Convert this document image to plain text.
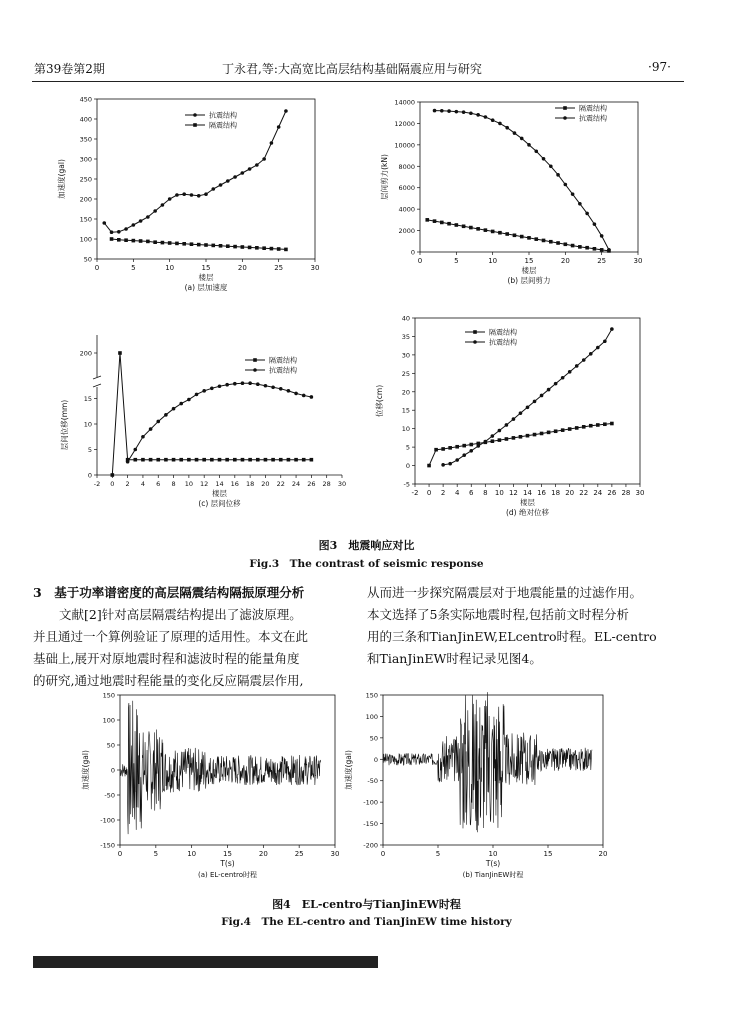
第39卷第2期	丁永君,等:大高宽比高层结构基础隔震应用与研究	·97·
0	5	10	15	20	25	30
50
100
150
200
250
300
350
400
450
楼层
(a) 层加速度
加速度(gal)
抗震结构
隔震结构
0	5	10	15	20	25	30
0
2000
4000
6000
8000
10000
12000
14000
楼层
(b) 层间剪力
层间剪力(kN)
隔震结构
抗震结构
-2 0 2 4 6 8 10 12 14 16 18 20 22 24 26 28 30
0
5
10
15
200
楼层
(c) 层间位移
层间位移(mm)
隔震结构
抗震结构
-2 0 2 4 6 8 10 12 14 16 18 20 22 24 26 28 30
-5
0
5
10
15
20
25
30
35
40
楼层
(d) 绝对位移
位移(cm)
隔震结构
抗震结构
图3　地震响应对比
Fig.3　The contrast of seismic response
3　基于功率谱密度的高层隔震结构隔振原理分析
文献[2]针对高层隔震结构提出了滤波原理。
并且通过一个算例验证了原理的适用性。本文在此
基础上,展开对原地震时程和滤波时程的能量角度
的研究,通过地震时程能量的变化反应隔震层作用,
从而进一步探究隔震层对于地震能量的过滤作用。
本文选择了5条实际地震时程,包括前文时程分析
用的三条和TianJinEW,ELcentro时程。EL-centro
和TianJinEW时程记录见图4。
0	5	10	15	20	25	30
-150
-100
-50
0
50
100
150
T(s)
(a) EL-centro时程
加速度(gal)
0	5	10	15	20
-200
-150
-100
-50
0
50
100
150
T(s)
(b) TianJinEW时程
加速度(gal)
图4　EL-centro与TianJinEW时程
Fig.4　The EL-centro and TianJinEW time history
